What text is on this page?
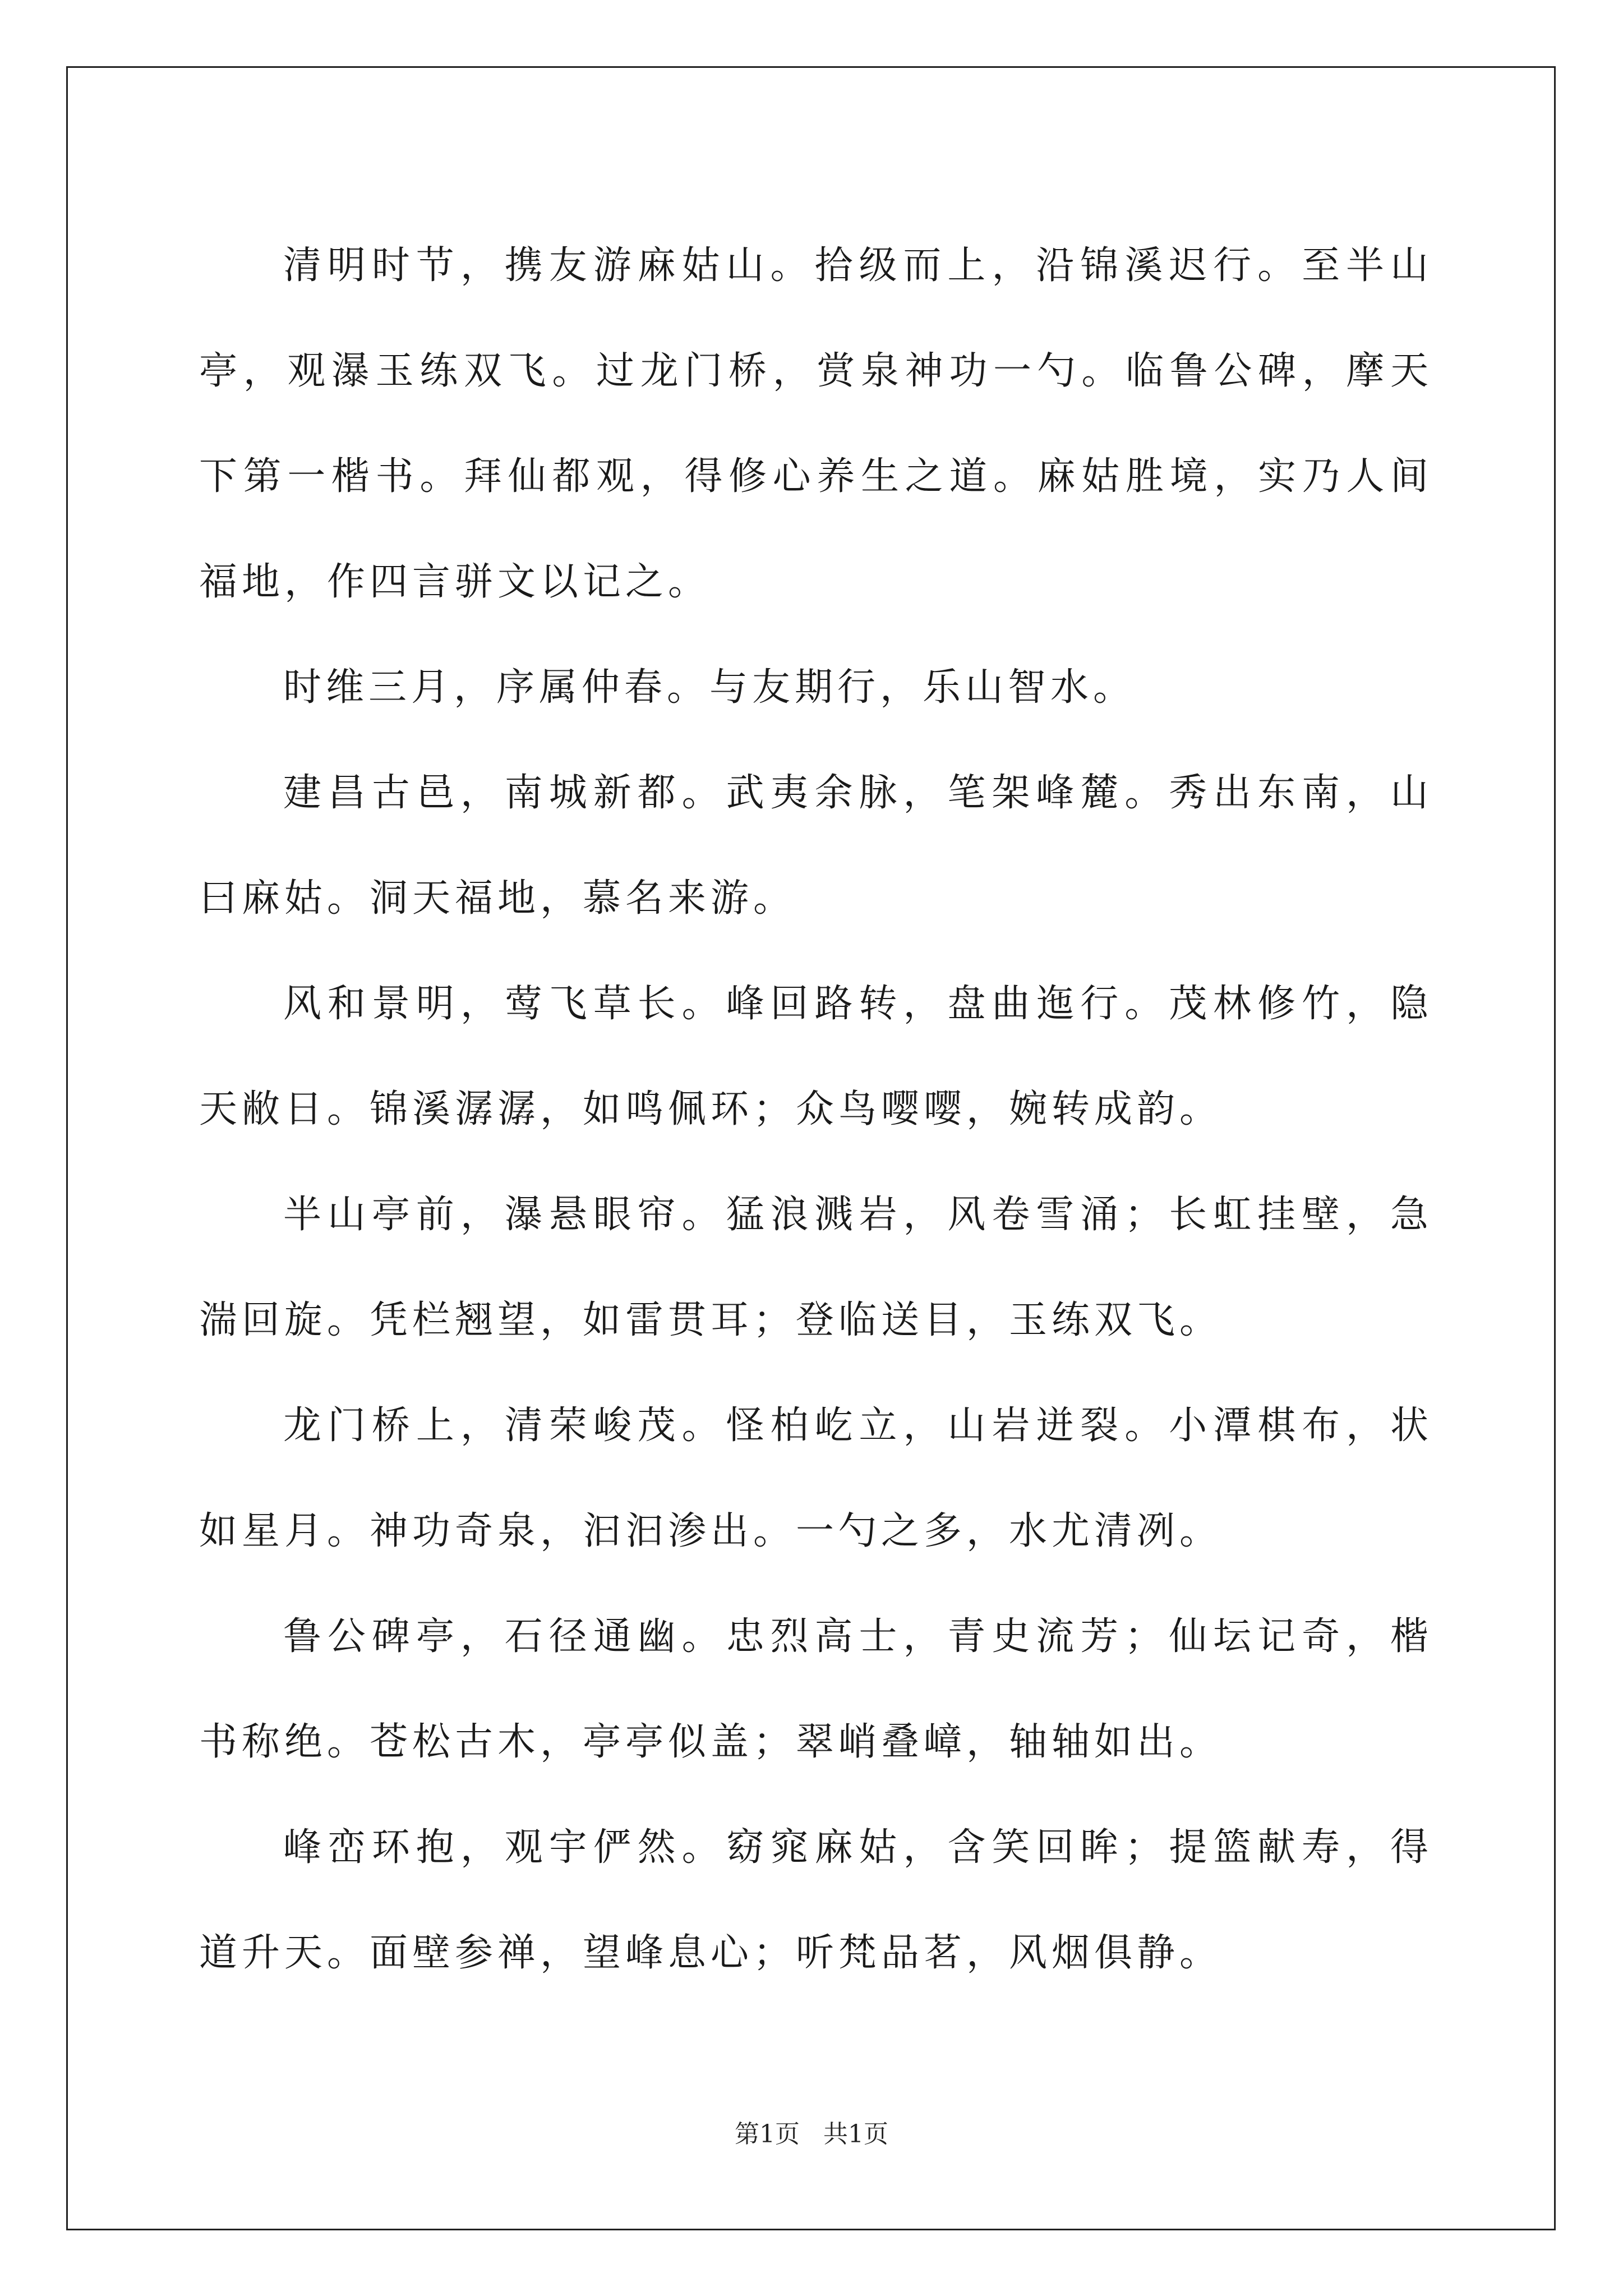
清明时节，携友游麻姑山。拾级而上，沿锦溪迟行。至半山亭，观瀑玉练双飞。过龙门桥，赏泉神功一勺。临鲁公碑，摩天下第一楷书。拜仙都观，得修心养生之道。麻姑胜境，实乃人间福地，作四言骈文以记之。

时维三月，序属仲春。与友期行，乐山智水。

建昌古邑，南城新都。武夷余脉，笔架峰麓。秀出东南，山曰麻姑。洞天福地，慕名来游。

风和景明，莺飞草长。峰回路转，盘曲迤行。茂林修竹，隐天敝日。锦溪潺潺，如鸣佩环；众鸟嘤嘤，婉转成韵。

半山亭前，瀑悬眼帘。猛浪溅岩，风卷雪涌；长虹挂壁，急湍回旋。凭栏翘望，如雷贯耳；登临送目，玉练双飞。

龙门桥上，清荣峻茂。怪柏屹立，山岩迸裂。小潭棋布，状如星月。神功奇泉，汩汩渗出。一勺之多，水尤清冽。

鲁公碑亭，石径通幽。忠烈高士，青史流芳；仙坛记奇，楷书称绝。苍松古木，亭亭似盖；翠峭叠嶂，轴轴如出。

峰峦环抱，观宇俨然。窈窕麻姑，含笑回眸；提篮献寿，得道升天。面壁参禅，望峰息心；听梵品茗，风烟俱静。

第1页 共1页
